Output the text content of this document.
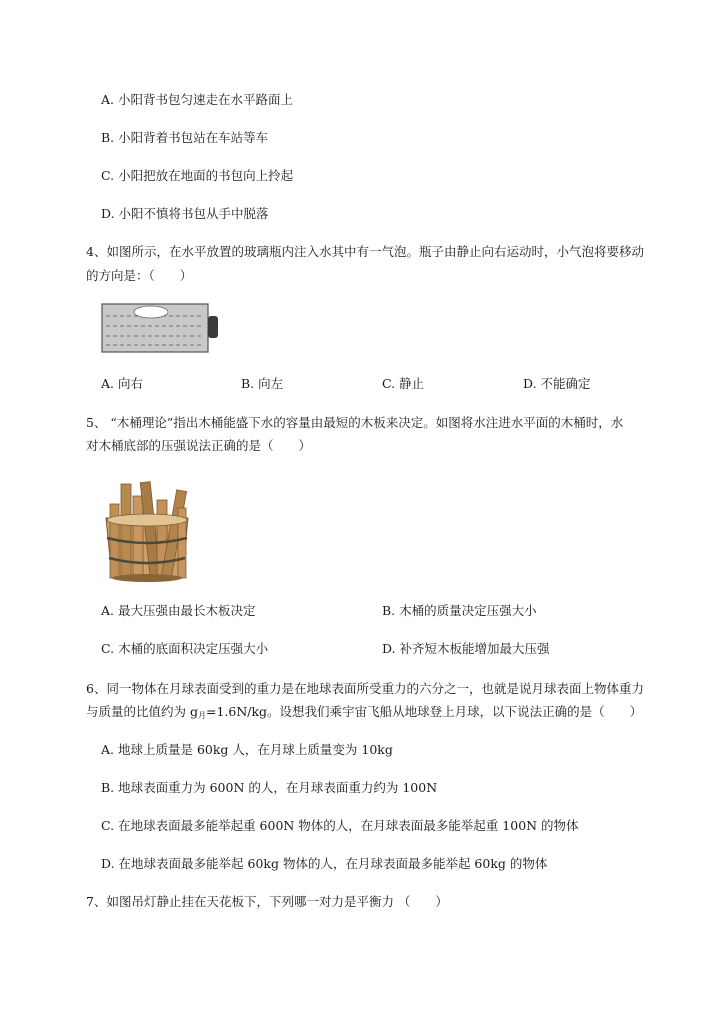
A. 小阳背书包匀速走在水平路面上
B. 小阳背着书包站在车站等车
C. 小阳把放在地面的书包向上拎起
D. 小阳不慎将书包从手中脱落
4、如图所示，在水平放置的玻璃瓶内注入水其中有一气泡。瓶子由静止向右运动时，小气泡将要移动
的方向是：（　　）
A. 向右	B. 向左	C. 静止	D. 不能确定
5、 “木桶理论”指出木桶能盛下水的容量由最短的木板来决定。如图将水注进水平面的木桶时，水
对木桶底部的压强说法正确的是（　　）
A. 最大压强由最长木板决定	B. 木桶的质量决定压强大小
C. 木桶的底面积决定压强大小	D. 补齐短木板能增加最大压强
6、同一物体在月球表面受到的重力是在地球表面所受重力的六分之一，也就是说月球表面上物体重力
与质量的比值约为 $g_月=1.6N/kg$。设想我们乘宇宙飞船从地球登上月球，以下说法正确的是（　　）
A. 地球上质量是 60kg 人，在月球上质量变为 10kg
B. 地球表面重力为 600N 的人，在月球表面重力约为 100N
C. 在地球表面最多能举起重 600N 物体的人，在月球表面最多能举起重 100N 的物体
D. 在地球表面最多能举起 60kg 物体的人，在月球表面最多能举起 60kg 的物体
7、如图吊灯静止挂在天花板下，下列哪一对力是平衡力 （　　）
